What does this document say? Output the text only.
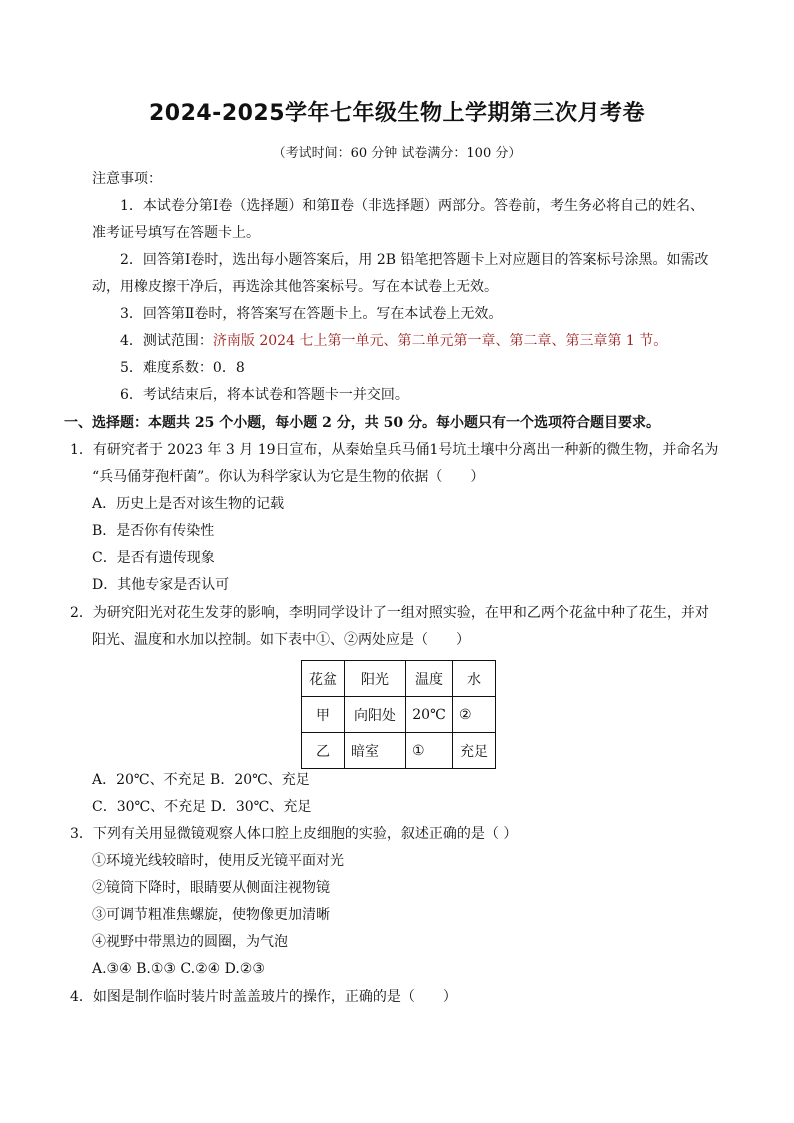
2024-2025学年七年级生物上学期第三次月考卷
（考试时间：60 分钟 试卷满分：100 分）
注意事项：
1．本试卷分第Ⅰ卷（选择题）和第Ⅱ卷（非选择题）两部分。答卷前，考生务必将自己的姓名、
准考证号填写在答题卡上。
2．回答第Ⅰ卷时，选出每小题答案后，用 2B 铅笔把答题卡上对应题目的答案标号涂黑。如需改
动，用橡皮擦干净后，再选涂其他答案标号。写在本试卷上无效。
3．回答第Ⅱ卷时，将答案写在答题卡上。写在本试卷上无效。
4．测试范围：济南版 2024 七上第一单元、第二单元第一章、第二章、第三章第 1 节。
5．难度系数：0．8
6．考试结束后，将本试卷和答题卡一并交回。
一、选择题：本题共 25 个小题，每小题 2 分，共 50 分。每小题只有一个选项符合题目要求。
1．有研究者于 2023 年 3 月 19日宣布，从秦始皇兵马俑1号坑土壤中分离出一种新的微生物，并命名为
“兵马俑芽孢杆菌”。你认为科学家认为它是生物的依据（　　）
A．历史上是否对该生物的记载
B．是否你有传染性
C．是否有遗传现象
D．其他专家是否认可
2．为研究阳光对花生发芽的影响，李明同学设计了一组对照实验，在甲和乙两个花盆中种了花生，并对
阳光、温度和水加以控制。如下表中①、②两处应是（　　）
花盆	阳光	温度	水
甲	向阳处	20℃	②
乙	暗室	①	充足
A．20℃、不充足 B．20℃、充足
C．30℃、不充足 D．30℃、充足
3．下列有关用显微镜观察人体口腔上皮细胞的实验，叙述正确的是（ ）
①环境光线较暗时，使用反光镜平面对光
②镜筒下降时，眼睛要从侧面注视物镜
③可调节粗准焦螺旋，使物像更加清晰
④视野中带黑边的圆圈，为气泡
A.③④ B.①③ C.②④ D.②③
4．如图是制作临时装片时盖盖玻片的操作，正确的是（　　）
